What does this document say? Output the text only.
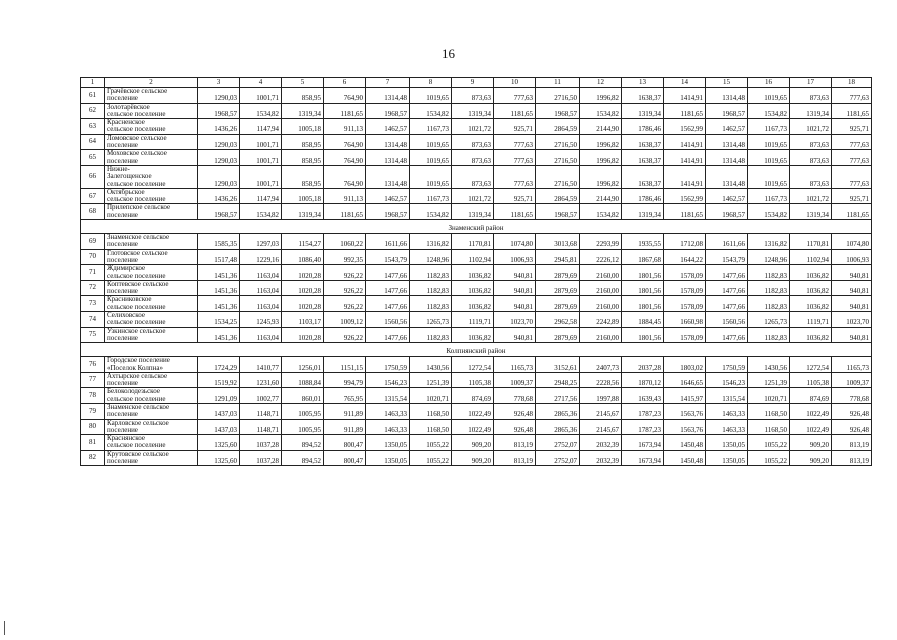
16
1	2	3	4	5	6	7	8	9	10	11	12	13	14	15	16	17	18
61	Грачёвское сельское
поселение	1290,03	1001,71	858,95	764,90	1314,48	1019,65	873,63	777,63	2716,50	1996,82	1638,37	1414,91	1314,48	1019,65	873,63	777,63
62	Золотарёвское
сельское поселение	1968,57	1534,82	1319,34	1181,65	1968,57	1534,82	1319,34	1181,65	1968,57	1534,82	1319,34	1181,65	1968,57	1534,82	1319,34	1181,65
63	Красненское
сельское поселение	1436,26	1147,94	1005,18	911,13	1462,57	1167,73	1021,72	925,71	2864,59	2144,90	1786,46	1562,99	1462,57	1167,73	1021,72	925,71
64	Ломовское сельское
поселение	1290,03	1001,71	858,95	764,90	1314,48	1019,65	873,63	777,63	2716,50	1996,82	1638,37	1414,91	1314,48	1019,65	873,63	777,63
65	Моховское сельское
поселение	1290,03	1001,71	858,95	764,90	1314,48	1019,65	873,63	777,63	2716,50	1996,82	1638,37	1414,91	1314,48	1019,65	873,63	777,63
66	Нижне-
Залегощенское
сельское поселение	1290,03	1001,71	858,95	764,90	1314,48	1019,65	873,63	777,63	2716,50	1996,82	1638,37	1414,91	1314,48	1019,65	873,63	777,63
67	Октябрьское
сельское поселение	1436,26	1147,94	1005,18	911,13	1462,57	1167,73	1021,72	925,71	2864,59	2144,90	1786,46	1562,99	1462,57	1167,73	1021,72	925,71
68	Прилепское сельское
поселение	1968,57	1534,82	1319,34	1181,65	1968,57	1534,82	1319,34	1181,65	1968,57	1534,82	1319,34	1181,65	1968,57	1534,82	1319,34	1181,65
Знаменский район																	
69	Знаменское сельское
поселение	1585,35	1297,03	1154,27	1060,22	1611,66	1316,82	1170,81	1074,80	3013,68	2293,99	1935,55	1712,08	1611,66	1316,82	1170,81	1074,80
70	Глотовское сельское
поселение	1517,48	1229,16	1086,40	992,35	1543,79	1248,96	1102,94	1006,93	2945,81	2226,12	1867,68	1644,22	1543,79	1248,96	1102,94	1006,93
71	Ждимирское
сельское поселение	1451,36	1163,04	1020,28	926,22	1477,66	1182,83	1036,82	940,81	2879,69	2160,00	1801,56	1578,09	1477,66	1182,83	1036,82	940,81
72	Коптевское сельское
поселение	1451,36	1163,04	1020,28	926,22	1477,66	1182,83	1036,82	940,81	2879,69	2160,00	1801,56	1578,09	1477,66	1182,83	1036,82	940,81
73	Красниковское
сельское поселение	1451,36	1163,04	1020,28	926,22	1477,66	1182,83	1036,82	940,81	2879,69	2160,00	1801,56	1578,09	1477,66	1182,83	1036,82	940,81
74	Селиховское
сельское поселение	1534,25	1245,93	1103,17	1009,12	1560,56	1265,73	1119,71	1023,70	2962,58	2242,89	1884,45	1660,98	1560,56	1265,73	1119,71	1023,70
75	Узкинское сельское
поселение	1451,36	1163,04	1020,28	926,22	1477,66	1182,83	1036,82	940,81	2879,69	2160,00	1801,56	1578,09	1477,66	1182,83	1036,82	940,81
Колпнянский район																	
76	Городское поселение
«Поселок Колпна»	1724,29	1410,77	1256,01	1151,15	1750,59	1430,56	1272,54	1165,73	3152,61	2407,73	2037,28	1803,02	1750,59	1430,56	1272,54	1165,73
77	Ахтырское сельское
поселение	1519,92	1231,60	1088,84	994,79	1546,23	1251,39	1105,38	1009,37	2948,25	2228,56	1870,12	1646,65	1546,23	1251,39	1105,38	1009,37
78	Белоколодезьское
сельское поселение	1291,09	1002,77	860,01	765,95	1315,54	1020,71	874,69	778,68	2717,56	1997,88	1639,43	1415,97	1315,54	1020,71	874,69	778,68
79	Знаменское сельское
поселение	1437,03	1148,71	1005,95	911,89	1463,33	1168,50	1022,49	926,48	2865,36	2145,67	1787,23	1563,76	1463,33	1168,50	1022,49	926,48
80	Карловское сельское
поселение	1437,03	1148,71	1005,95	911,89	1463,33	1168,50	1022,49	926,48	2865,36	2145,67	1787,23	1563,76	1463,33	1168,50	1022,49	926,48
81	Краснянское
сельское поселение	1325,60	1037,28	894,52	800,47	1350,05	1055,22	909,20	813,19	2752,07	2032,39	1673,94	1450,48	1350,05	1055,22	909,20	813,19
82	Крутовское сельское
поселение	1325,60	1037,28	894,52	800,47	1350,05	1055,22	909,20	813,19	2752,07	2032,39	1673,94	1450,48	1350,05	1055,22	909,20	813,19
